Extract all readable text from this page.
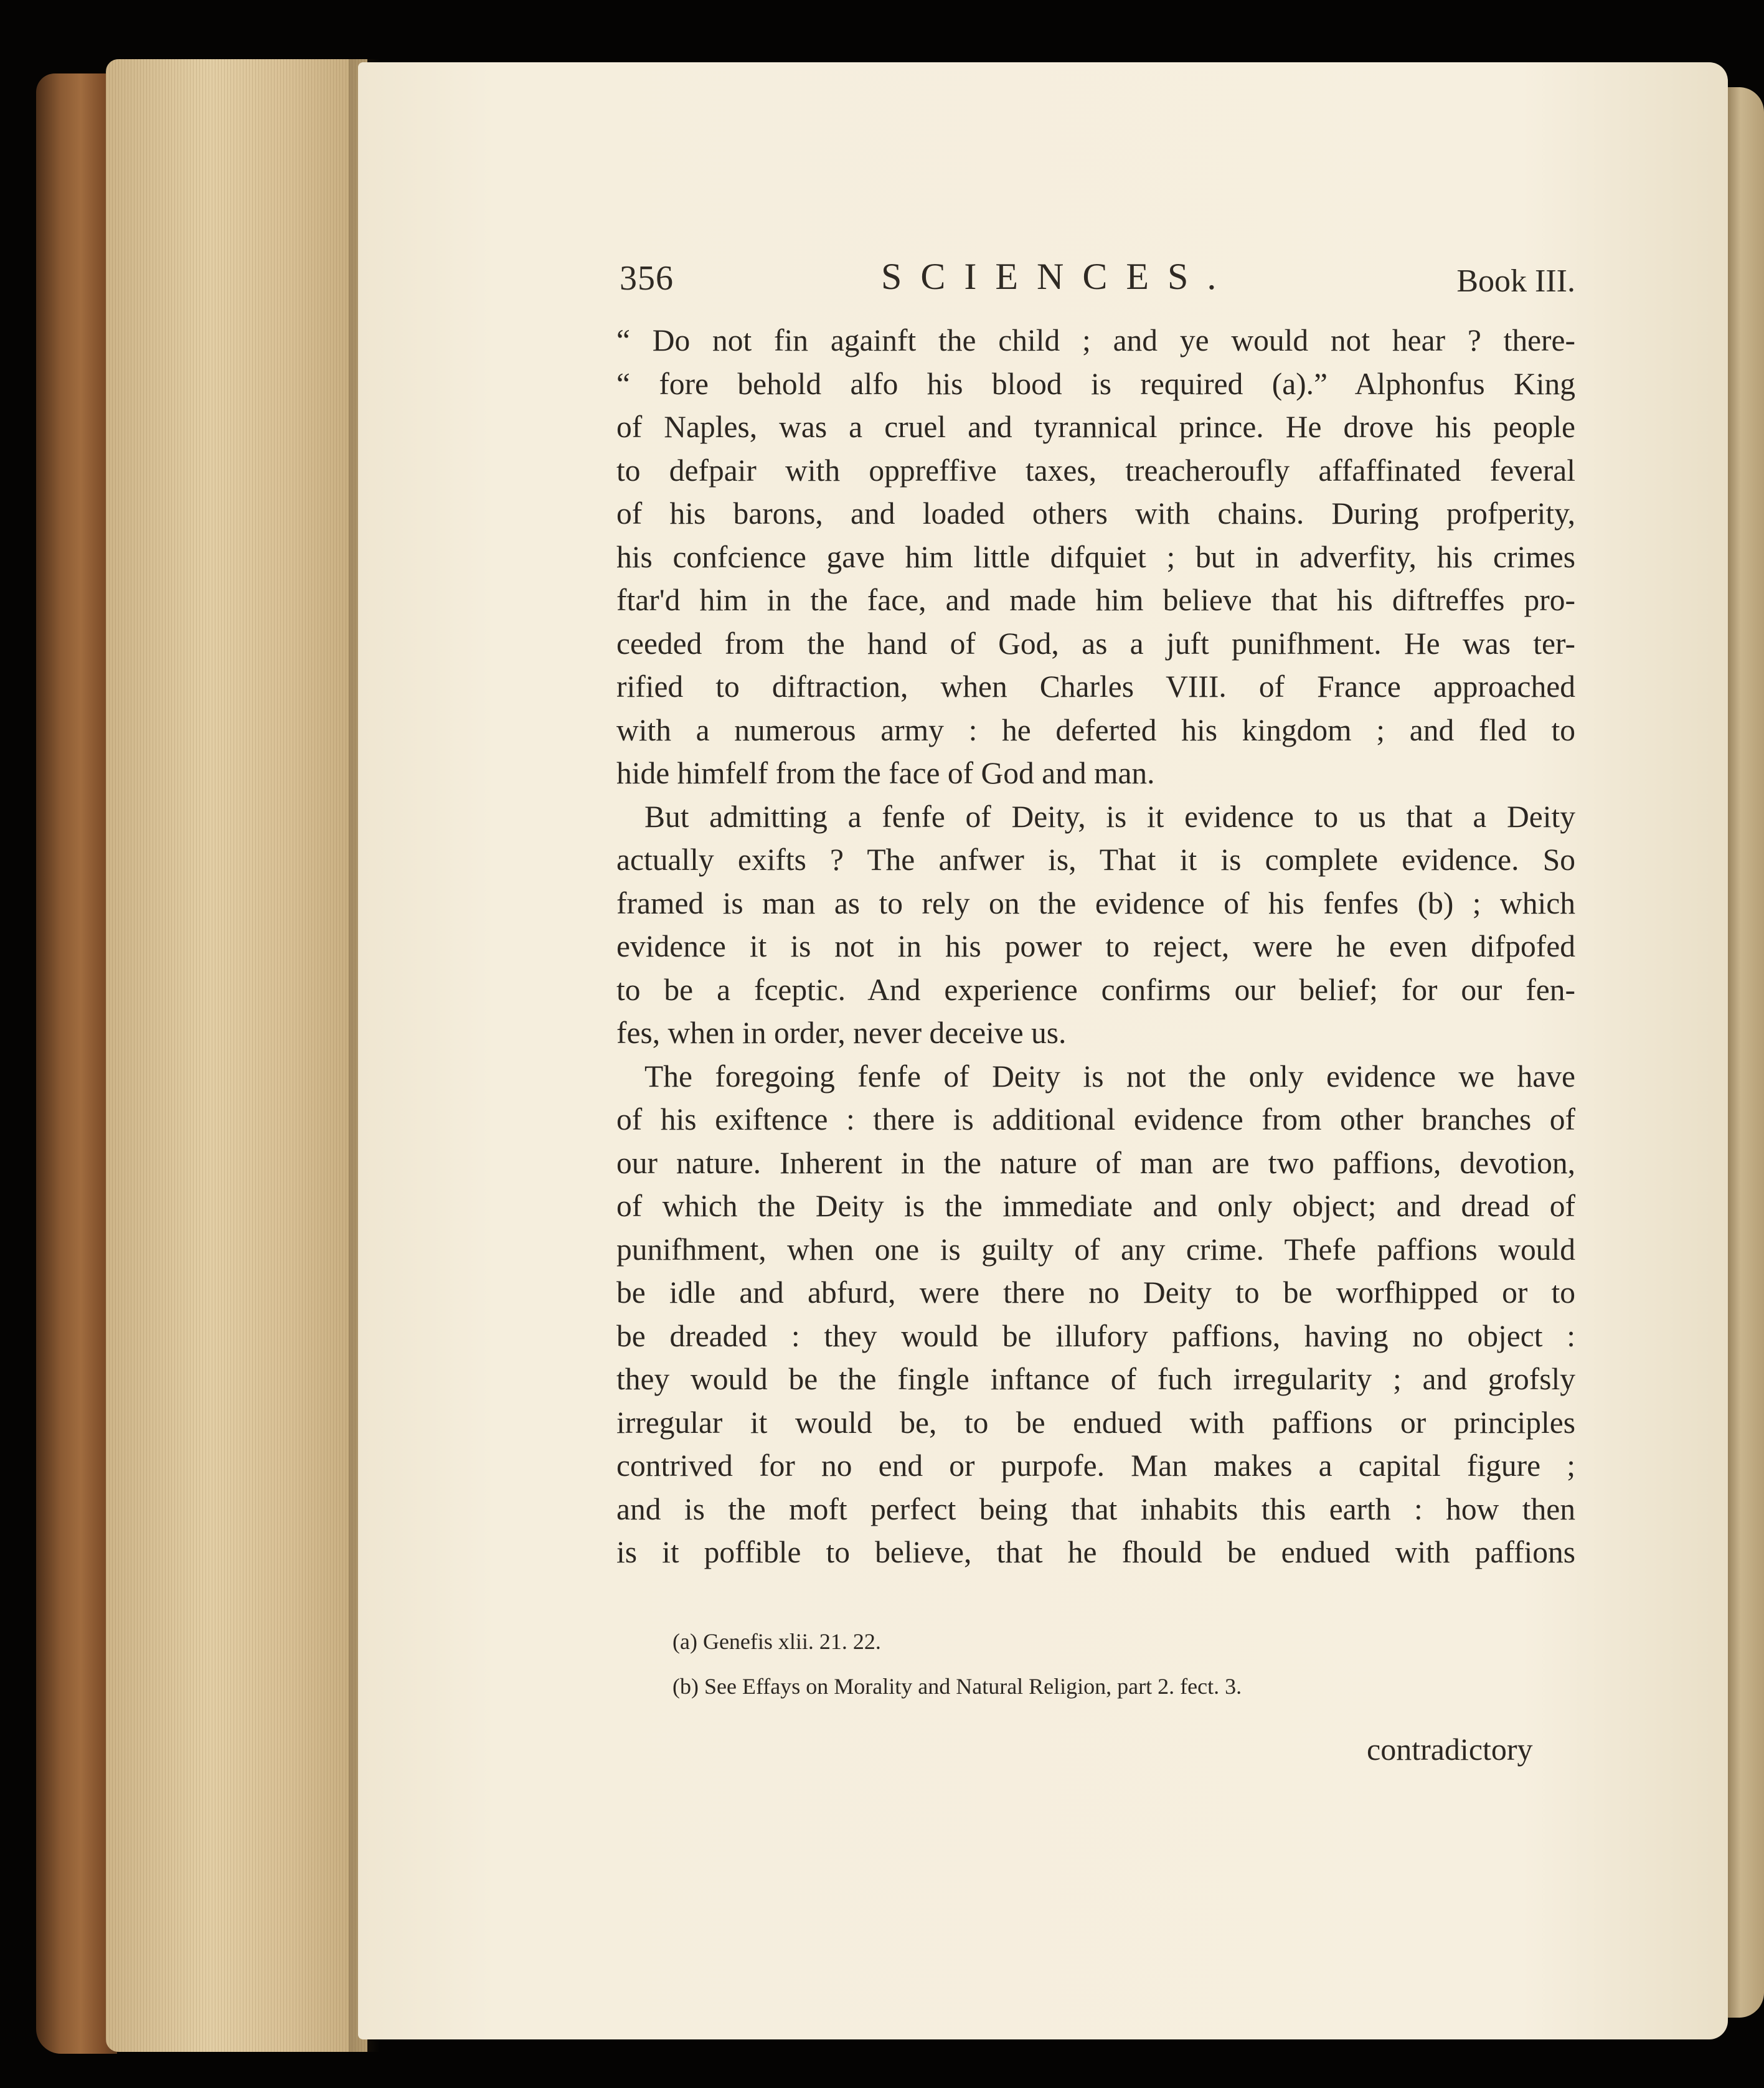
356	SCIENCES.	Book III.
“ Do not fin againft the child ; and ye would not hear ? there-
“ fore behold alfo his blood is required (a).” Alphonfus King
of Naples, was a cruel and tyrannical prince. He drove his people
to defpair with oppreffive taxes, treacheroufly affaffinated feveral
of his barons, and loaded others with chains. During profperity,
his confcience gave him little difquiet ; but in adverfity, his crimes
ftar'd him in the face, and made him believe that his diftreffes pro-
ceeded from the hand of God, as a juft punifhment. He was ter-
rified to diftraction, when Charles VIII. of France approached
with a numerous army : he deferted his kingdom ; and fled to
hide himfelf from the face of God and man.
But admitting a fenfe of Deity, is it evidence to us that a Deity
actually exifts ? The anfwer is, That it is complete evidence. So
framed is man as to rely on the evidence of his fenfes (b) ; which
evidence it is not in his power to reject, were he even difpofed
to be a fceptic. And experience confirms our belief; for our fen-
fes, when in order, never deceive us.
The foregoing fenfe of Deity is not the only evidence we have
of his exiftence : there is additional evidence from other branches of
our nature. Inherent in the nature of man are two paffions, devotion,
of which the Deity is the immediate and only object; and dread of
punifhment, when one is guilty of any crime. Thefe paffions would
be idle and abfurd, were there no Deity to be worfhipped or to
be dreaded : they would be illufory paffions, having no object :
they would be the fingle inftance of fuch irregularity ; and grofsly
irregular it would be, to be endued with paffions or principles
contrived for no end or purpofe. Man makes a capital figure ;
and is the moft perfect being that inhabits this earth : how then
is it poffible to believe, that he fhould be endued with paffions
(a) Genefis xlii. 21. 22.
(b) See Effays on Morality and Natural Religion, part 2. fect. 3.
contradictory
